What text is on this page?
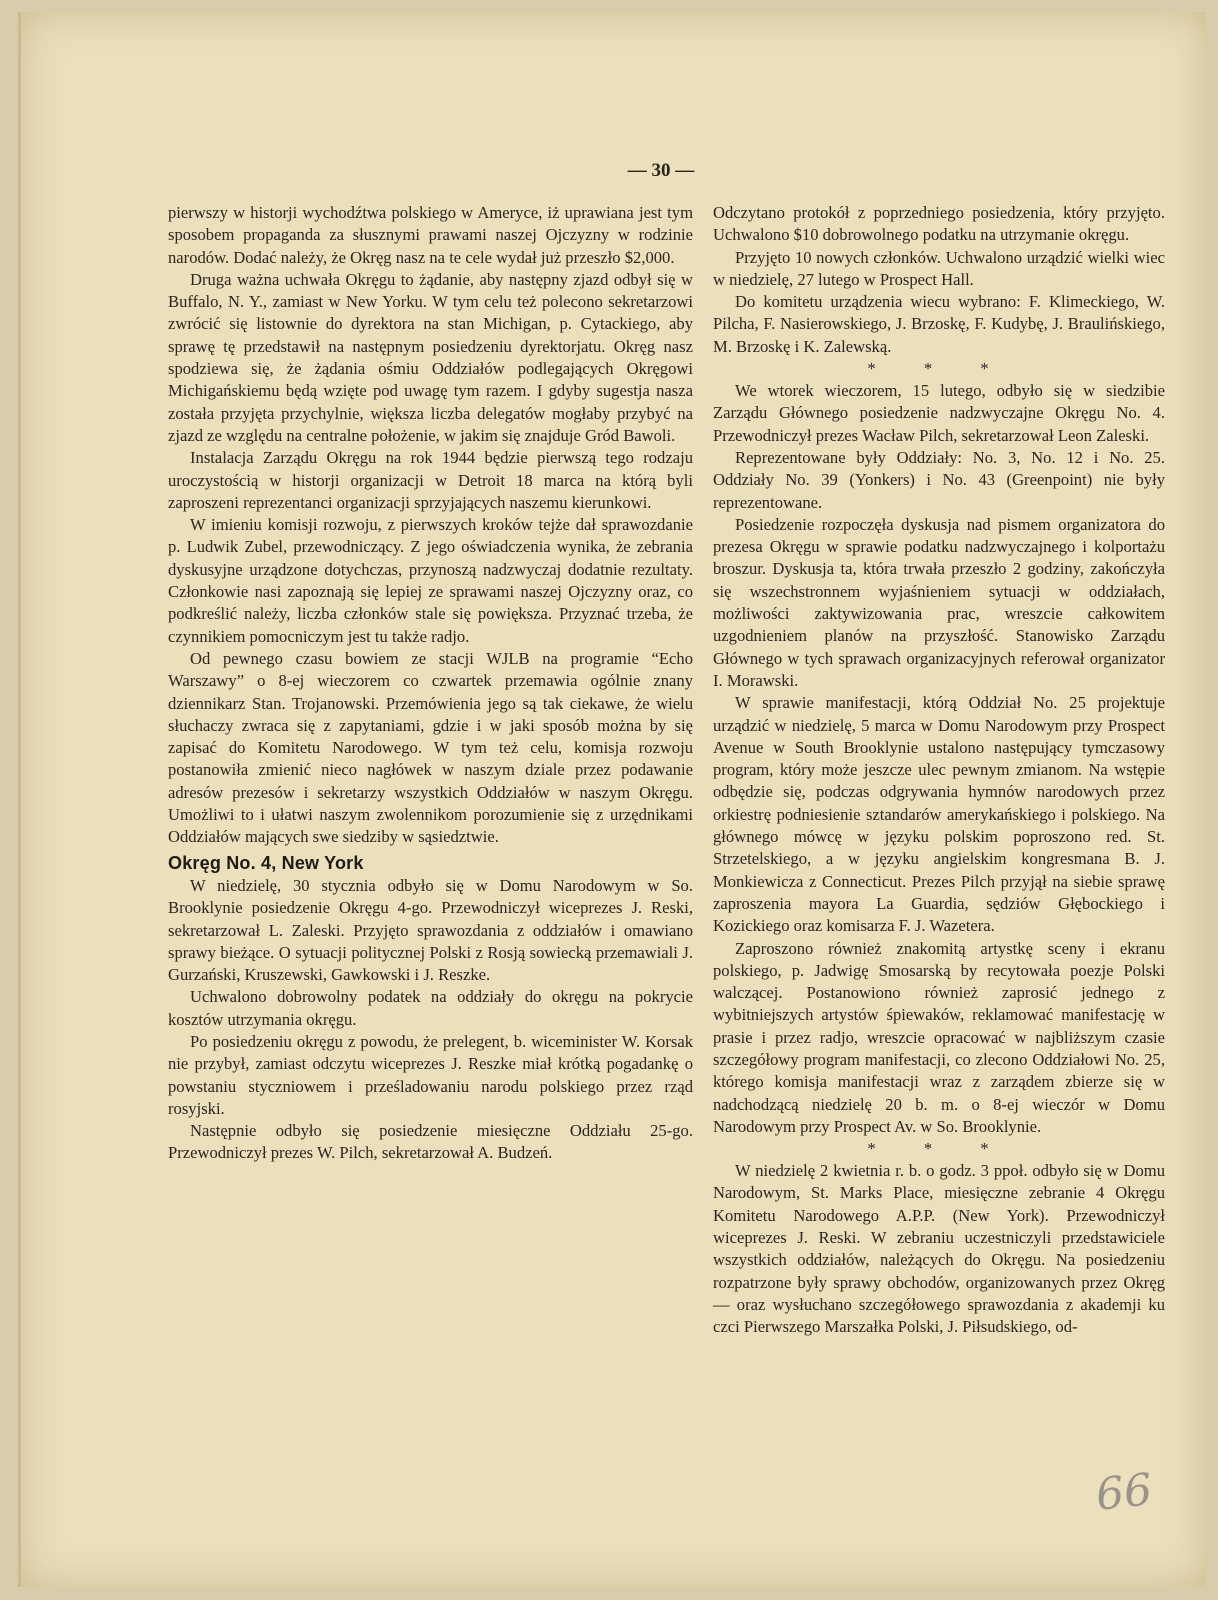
— 30 —

pierwszy w historji wychodźtwa polskiego w Ameryce, iż uprawiana jest tym sposobem propaganda za słusznymi prawami naszej Ojczyzny w rodzinie narodów. Dodać należy, że Okręg nasz na te cele wydał już przeszło $2,000.

Druga ważna uchwała Okręgu to żądanie, aby następny zjazd odbył się w Buffalo, N. Y., zamiast w New Yorku. W tym celu też polecono sekretarzowi zwrócić się listownie do dyrektora na stan Michigan, p. Cytackiego, aby sprawę tę przedstawił na następnym posiedzeniu dyrektorjatu. Okręg nasz spodziewa się, że żądania ośmiu Oddziałów podlegających Okręgowi Michigańskiemu będą wzięte pod uwagę tym razem. I gdyby sugestja nasza została przyjęta przychylnie, większa liczba delegatów mogłaby przybyć na zjazd ze względu na centralne położenie, w jakim się znajduje Gród Bawoli.

Instalacja Zarządu Okręgu na rok 1944 będzie pierwszą tego rodzaju uroczystością w historji organizacji w Detroit 18 marca na którą byli zaproszeni reprezentanci organizacji sprzyjających naszemu kierunkowi.

W imieniu komisji rozwoju, z pierwszych kroków tejże dał sprawozdanie p. Ludwik Zubel, przewodniczący. Z jego oświadczenia wynika, że zebrania dyskusyjne urządzone dotychczas, przynoszą nadzwyczaj dodatnie rezultaty. Członkowie nasi zapoznają się lepiej ze sprawami naszej Ojczyzny oraz, co podkreślić należy, liczba członków stale się powiększa. Przyznać trzeba, że czynnikiem pomocniczym jest tu także radjo.

Od pewnego czasu bowiem ze stacji WJLB na programie “Echo Warszawy” o 8-ej wieczorem co czwartek przemawia ogólnie znany dziennikarz Stan. Trojanowski. Przemówienia jego są tak ciekawe, że wielu słuchaczy zwraca się z zapytaniami, gdzie i w jaki sposób można by się zapisać do Komitetu Narodowego. W tym też celu, komisja rozwoju postanowiła zmienić nieco nagłówek w naszym dziale przez podawanie adresów prezesów i sekretarzy wszystkich Oddziałów w naszym Okręgu. Umożliwi to i ułatwi naszym zwolennikom porozumienie się z urzędnikami Oddziałów mających swe siedziby w sąsiedztwie.

Okręg No. 4, New York

W niedzielę, 30 stycznia odbyło się w Domu Narodowym w So. Brooklynie posiedzenie Okręgu 4-go. Przewodniczył wiceprezes J. Reski, sekretarzował L. Zaleski. Przyjęto sprawozdania z oddziałów i omawiano sprawy bieżące. O sytuacji politycznej Polski z Rosją sowiecką przemawiali J. Gurzański, Kruszewski, Gawkowski i J. Reszke.

Uchwalono dobrowolny podatek na oddziały do okręgu na pokrycie kosztów utrzymania okręgu.

Po posiedzeniu okręgu z powodu, że prelegent, b. wiceminister W. Korsak nie przybył, zamiast odczytu wiceprezes J. Reszke miał krótką pogadankę o powstaniu styczniowem i prześladowaniu narodu polskiego przez rząd rosyjski.

Następnie odbyło się posiedzenie miesięczne Oddziału 25-go. Przewodniczył prezes W. Pilch, sekretarzował A. Budzeń.

Odczytano protokół z poprzedniego posiedzenia, który przyjęto. Uchwalono $10 dobrowolnego podatku na utrzymanie okręgu.

Przyjęto 10 nowych członków. Uchwalono urządzić wielki wiec w niedzielę, 27 lutego w Prospect Hall.

Do komitetu urządzenia wiecu wybrano: F. Klimeckiego, W. Pilcha, F. Nasierowskiego, J. Brzoskę, F. Kudybę, J. Braulińskiego, M. Brzoskę i K. Zalewską.

* * *

We wtorek wieczorem, 15 lutego, odbyło się w siedzibie Zarządu Głównego posiedzenie nadzwyczajne Okręgu No. 4. Przewodniczył prezes Wacław Pilch, sekretarzował Leon Zaleski.

Reprezentowane były Oddziały: No. 3, No. 12 i No. 25. Oddziały No. 39 (Yonkers) i No. 43 (Greenpoint) nie były reprezentowane.

Posiedzenie rozpoczęła dyskusja nad pismem organizatora do prezesa Okręgu w sprawie podatku nadzwyczajnego i kolportażu broszur. Dyskusja ta, która trwała przeszło 2 godziny, zakończyła się wszechstronnem wyjaśnieniem sytuacji w oddziałach, możliwości zaktywizowania prac, wreszcie całkowitem uzgodnieniem planów na przyszłość. Stanowisko Zarządu Głównego w tych sprawach organizacyjnych referował organizator I. Morawski.

W sprawie manifestacji, którą Oddział No. 25 projektuje urządzić w niedzielę, 5 marca w Domu Narodowym przy Prospect Avenue w South Brooklynie ustalono następujący tymczasowy program, który może jeszcze ulec pewnym zmianom. Na wstępie odbędzie się, podczas odgrywania hymnów narodowych przez orkiestrę podniesienie sztandarów amerykańskiego i polskiego. Na głównego mówcę w języku polskim poproszono red. St. Strzetelskiego, a w języku angielskim kongresmana B. J. Monkiewicza z Connecticut. Prezes Pilch przyjął na siebie sprawę zaproszenia mayora La Guardia, sędziów Głębockiego i Kozickiego oraz komisarza F. J. Wazetera.

Zaproszono również znakomitą artystkę sceny i ekranu polskiego, p. Jadwigę Smosarską by recytowała poezje Polski walczącej. Postanowiono również zaprosić jednego z wybitniejszych artystów śpiewaków, reklamować manifestację w prasie i przez radjo, wreszcie opracować w najbliższym czasie szczegółowy program manifestacji, co zlecono Oddziałowi No. 25, którego komisja manifestacji wraz z zarządem zbierze się w nadchodzącą niedzielę 20 b. m. o 8-ej wieczór w Domu Narodowym przy Prospect Av. w So. Brooklynie.

* * *

W niedzielę 2 kwietnia r. b. o godz. 3 ppoł. odbyło się w Domu Narodowym, St. Marks Place, miesięczne zebranie 4 Okręgu Komitetu Narodowego A.P.P. (New York). Przewodniczył wiceprezes J. Reski. W zebraniu uczestniczyli przedstawiciele wszystkich oddziałów, należących do Okręgu. Na posiedzeniu rozpatrzone były sprawy obchodów, organizowanych przez Okręg — oraz wysłuchano szczegółowego sprawozdania z akademji ku czci Pierwszego Marszałka Polski, J. Piłsudskiego, od-

66
